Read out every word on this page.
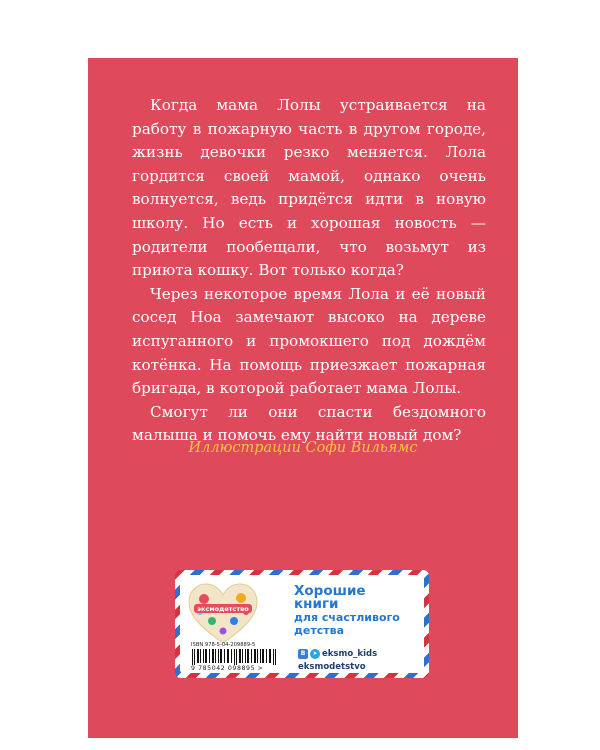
Когда мама Лолы устраивается на работу в пожарную часть в другом городе, жизнь девочки резко меняется. Лола гордится своей мамой, однако очень волнуется, ведь придётся идти в новую школу. Но есть и хорошая новость — родители пообещали, что возьмут из приюта кошку. Вот только когда?

Через некоторое время Лола и её новый сосед Ноа замечают высоко на дереве испуганного и промокшего под дождём котёнка. На помощь приезжает пожарная бригада, в которой работает мама Лолы.

Смогут ли они спасти бездомного малыша и помочь ему найти новый дом?

Иллюстрации Софи Вильямс
эксмодетство
Хорошие
книги
для счастливого
детства
ISBN 978-5-04-209889-5
9 785042 098895 >
B	➤ eksmo_kids
eksmodetstvo
